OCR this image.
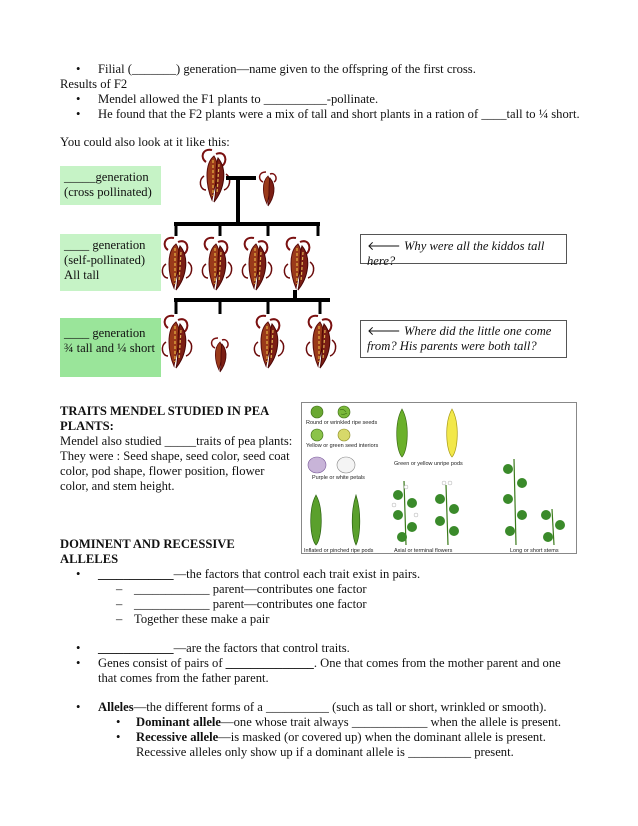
• Filial (_______) generation—name given to the offspring of the first cross.
Results of F2
• Mendel allowed the F1 plants to __________-pollinate.
• He found that the F2 plants were a mix of tall and short plants in a ration of ____tall to ¼ short.
You could also look at it like this:
_____generation
(cross pollinated)
____ generation
(self-pollinated)
All tall
____ generation
¾ tall and ¼ short
🡐 Why were all the kiddos tall here?
🡐 Where did the little one come
from? His parents were both tall?
TRAITS MENDEL STUDIED IN PEA
PLANTS:
Mendel also studied _____traits of pea plants:
They were : Seed shape, seed color, seed coat
color, pod shape, flower position, flower
color, and stem height.
Round or wrinkled ripe seeds
Yellow or green seed interiors
Green or yellow unripe pods
Purple or white petals
Inflated or pinched ripe pods	Axial or terminal flowers	Long or short stems
DOMINENT AND RECESSIVE
ALLELES
• ____________—the factors that control each trait exist in pairs.
– ____________ parent—contributes one factor
– ____________ parent—contributes one factor
– Together these make a pair
• ____________—are the factors that control traits.
• Genes consist of pairs of ______________. One that comes from the mother parent and one
that comes from the father parent.
• Alleles—the different forms of a __________ (such as tall or short, wrinkled or smooth).
• Dominant allele—one whose trait always ____________ when the allele is present.
• Recessive allele—is masked (or covered up) when the dominant allele is present.
Recessive alleles only show up if a dominant allele is __________ present.
